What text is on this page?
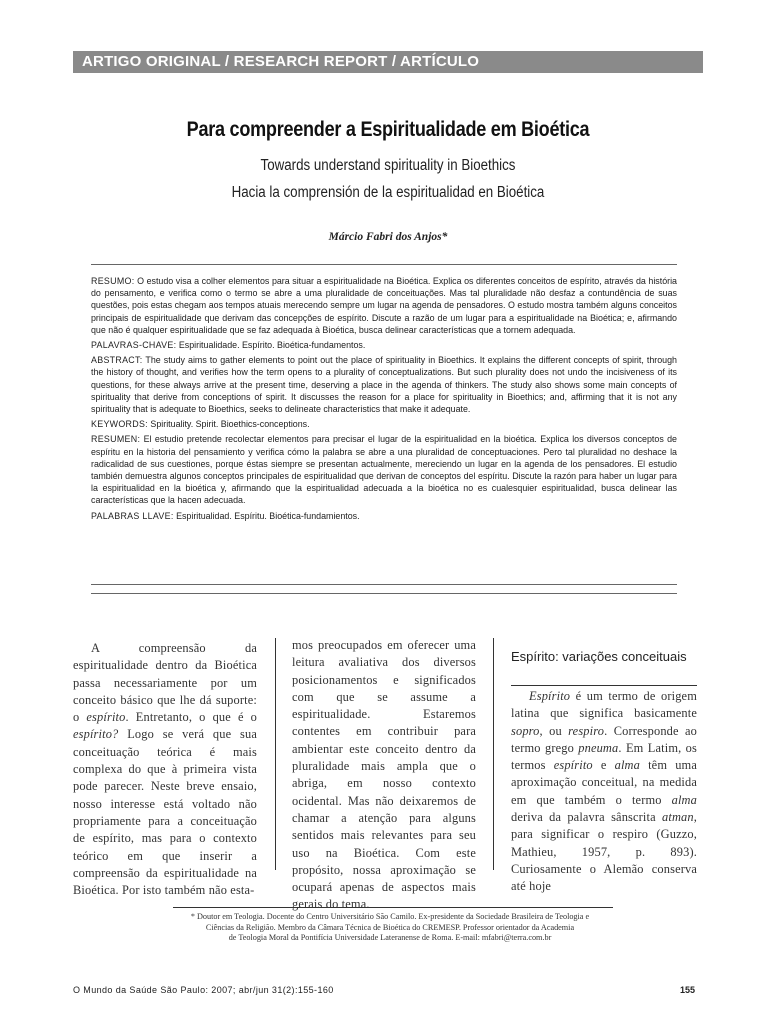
ARTIGO ORIGINAL / RESEARCH REPORT / ARTÍCULO
Para compreender a Espiritualidade em Bioética
Towards understand spirituality in Bioethics
Hacia la comprensión de la espiritualidad en Bioética
Márcio Fabri dos Anjos*

RESUMO: O estudo visa a colher elementos para situar a espiritualidade na Bioética. Explica os diferentes conceitos de espírito, através da história do pensamento, e verifica como o termo se abre a uma pluralidade de conceituações. Mas tal pluralidade não desfaz a contundência de suas questões, pois estas chegam aos tempos atuais merecendo sempre um lugar na agenda de pensadores. O estudo mostra também alguns conceitos principais de espiritualidade que derivam das concepções de espírito. Discute a razão de um lugar para a espiritualidade na Bioética; e, afirmando que não é qualquer espiritualidade que se faz adequada à Bioética, busca delinear características que a tornem adequada.

PALAVRAS-CHAVE: Espiritualidade. Espírito. Bioética-fundamentos.

ABSTRACT: The study aims to gather elements to point out the place of spirituality in Bioethics. It explains the different concepts of spirit, through the history of thought, and verifies how the term opens to a plurality of conceptualizations. But such plurality does not undo the incisiveness of its questions, for these always arrive at the present time, deserving a place in the agenda of thinkers. The study also shows some main concepts of spirituality that derive from conceptions of spirit. It discusses the reason for a place for spirituality in Bioethics; and, affirming that it is not any spirituality that is adequate to Bioethics, seeks to delineate characteristics that make it adequate.

KEYWORDS: Spirituality. Spirit. Bioethics-conceptions.

RESUMEN: El estudio pretende recolectar elementos para precisar el lugar de la espiritualidad en la bioética. Explica los diversos conceptos de espíritu en la historia del pensamiento y verifica cómo la palabra se abre a una pluralidad de conceptuaciones. Pero tal pluralidad no deshace la radicalidad de sus cuestiones, porque éstas siempre se presentan actualmente, mereciendo un lugar en la agenda de los pensadores. El estudio también demuestra algunos conceptos principales de espiritualidad que derivan de conceptos del espíritu. Discute la razón para haber un lugar para la espiritualidad en la bioética y, afirmando que la espiritualidad adecuada a la bioética no es cualesquier espiritualidad, busca delinear las características que la hacen adecuada.

PALABRAS LLAVE: Espiritualidad. Espíritu. Bioética-fundamientos.

A compreensão da espiritualidade dentro da Bioética passa necessariamente por um conceito básico que lhe dá suporte: o espírito. Entretanto, o que é o espírito? Logo se verá que sua conceituação teórica é mais complexa do que à primeira vista pode parecer. Neste breve ensaio, nosso interesse está voltado não propriamente para a conceituação de espírito, mas para o contexto teórico em que inserir a compreensão da espiritualidade na Bioética. Por isto também não esta-

mos preocupados em oferecer uma leitura avaliativa dos diversos posicionamentos e significados com que se assume a espiritualidade. Estaremos contentes em contribuir para ambientar este conceito dentro da pluralidade mais ampla que o abriga, em nosso contexto ocidental. Mas não deixaremos de chamar a atenção para alguns sentidos mais relevantes para seu uso na Bioética. Com este propósito, nossa aproximação se ocupará apenas de aspectos mais gerais do tema.

Espírito: variações conceituais

Espírito é um termo de origem latina que significa basicamente sopro, ou respiro. Corresponde ao termo grego pneuma. Em Latim, os termos espírito e alma têm uma aproximação conceitual, na medida em que também o termo alma deriva da palavra sânscrita atman, para significar o respiro (Guzzo, Mathieu, 1957, p. 893). Curiosamente o Alemão conserva até hoje

* Doutor em Teologia. Docente do Centro Universitário São Camilo. Ex-presidente da Sociedade Brasileira de Teologia e
Ciências da Religião. Membro da Câmara Técnica de Bioética do CREMESP. Professor orientador da Academia
de Teologia Moral da Pontifícia Universidade Lateranense de Roma. E-mail: mfabri@terra.com.br
O Mundo da Saúde São Paulo: 2007; abr/jun 31(2):155-160	155
